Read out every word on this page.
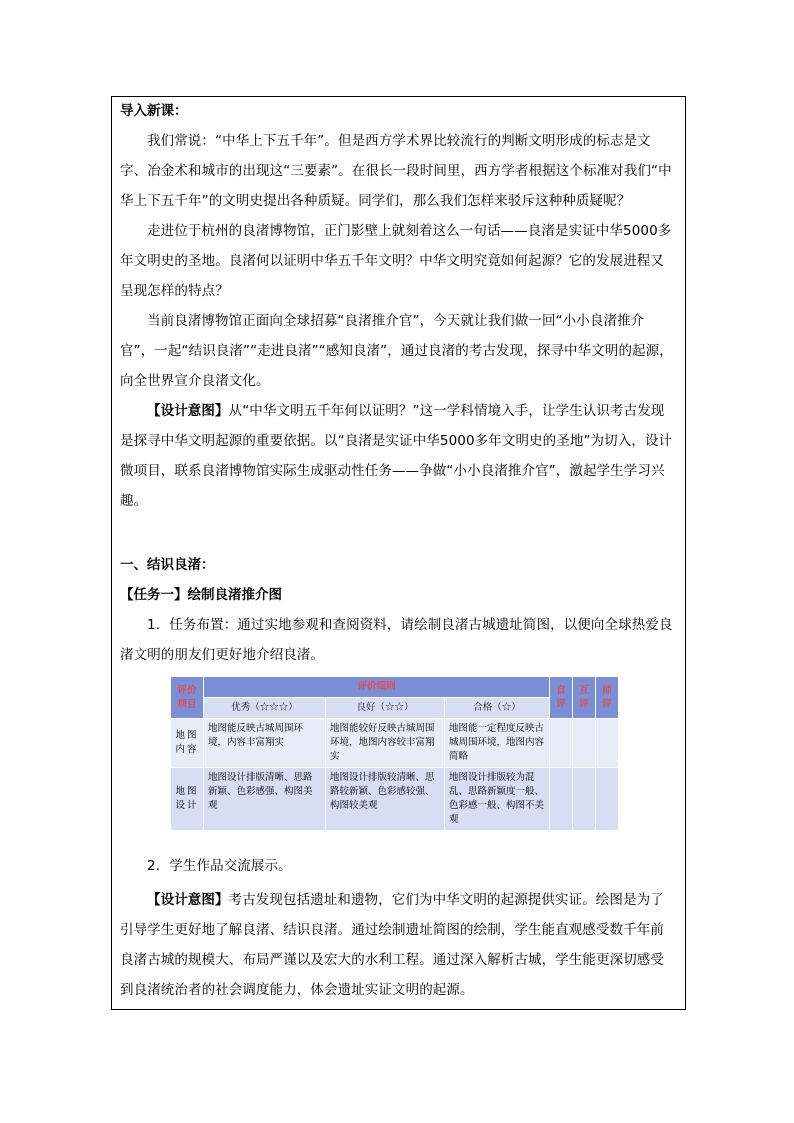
导入新课：

我们常说：“中华上下五千年”。但是西方学术界比较流行的判断文明形成的标志是文字、冶金术和城市的出现这“三要素”。在很长一段时间里，西方学者根据这个标准对我们“中华上下五千年”的文明史提出各种质疑。同学们，那么我们怎样来驳斥这种种质疑呢？

走进位于杭州的良渚博物馆，正门影壁上就刻着这么一句话——良渚是实证中华5000多年文明史的圣地。良渚何以证明中华五千年文明？中华文明究竟如何起源？它的发展进程又呈现怎样的特点？

当前良渚博物馆正面向全球招募“良渚推介官”，今天就让我们做一回“小小良渚推介官”，一起“结识良渚”“走进良渚”“感知良渚”，通过良渚的考古发现，探寻中华文明的起源，向全世界宣介良渚文化。

【设计意图】从“中华文明五千年何以证明？”这一学科情境入手，让学生认识考古发现是探寻中华文明起源的重要依据。以“良渚是实证中华5000多年文明史的圣地”为切入，设计微项目，联系良渚博物馆实际生成驱动性任务——争做“小小良渚推介官”，激起学生学习兴趣。

一、结识良渚：

【任务一】绘制良渚推介图

1．任务布置：通过实地参观和查阅资料，请绘制良渚古城遗址简图，以便向全球热爱良渚文明的朋友们更好地介绍良渚。

评价项目	评价细则			自评	互评	师评
	优秀（☆☆☆）	良好（☆☆）	合格（☆）			
地图内容	地图能反映古城周围环境，内容丰富翔实	地图能较好反映古城周围环境，地图内容较丰富翔实	地图能一定程度反映古城周围环境，地图内容简略			
地图设计	地图设计排版清晰、思路新颖、色彩感强、构图美观	地图设计排版较清晰、思路较新颖、色彩感较强、构图较美观	地图设计排版较为混乱、思路新颖度一般、色彩感一般、构图不美观			

2．学生作品交流展示。

【设计意图】考古发现包括遗址和遗物，它们为中华文明的起源提供实证。绘图是为了引导学生更好地了解良渚、结识良渚。通过绘制遗址简图的绘制，学生能直观感受数千年前良渚古城的规模大、布局严谨以及宏大的水利工程。通过深入解析古城，学生能更深切感受到良渚统治者的社会调度能力，体会遗址实证文明的起源。
